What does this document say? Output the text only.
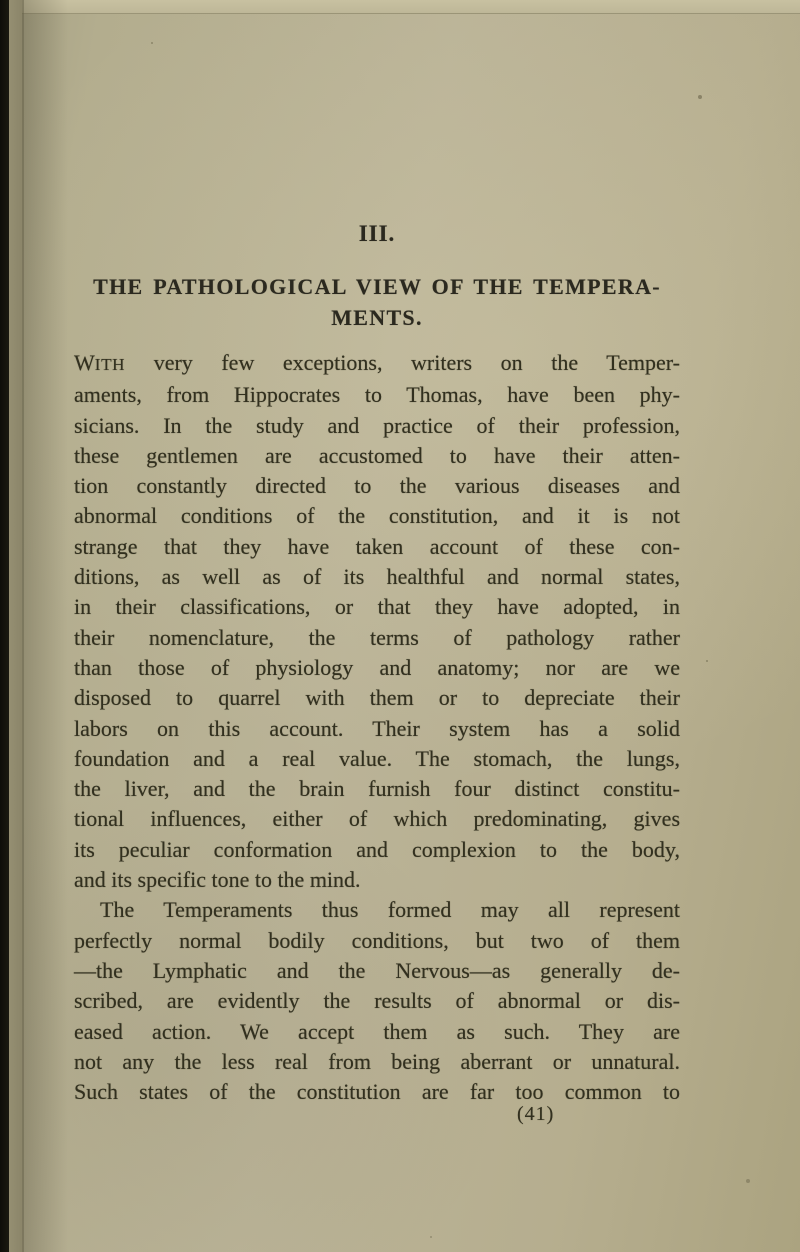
III.
THE PATHOLOGICAL VIEW OF THE TEMPERA-
MENTS.
WITH very few exceptions, writers on the Temper-
aments, from Hippocrates to Thomas, have been phy-
sicians. In the study and practice of their profession,
these gentlemen are accustomed to have their atten-
tion constantly directed to the various diseases and
abnormal conditions of the constitution, and it is not
strange that they have taken account of these con-
ditions, as well as of its healthful and normal states,
in their classifications, or that they have adopted, in
their nomenclature, the terms of pathology rather
than those of physiology and anatomy; nor are we
disposed to quarrel with them or to depreciate their
labors on this account. Their system has a solid
foundation and a real value. The stomach, the lungs,
the liver, and the brain furnish four distinct constitu-
tional influences, either of which predominating, gives
its peculiar conformation and complexion to the body,
and its specific tone to the mind.
The Temperaments thus formed may all represent
perfectly normal bodily conditions, but two of them
—the Lymphatic and the Nervous—as generally de-
scribed, are evidently the results of abnormal or dis-
eased action. We accept them as such. They are
not any the less real from being aberrant or unnatural.
Such states of the constitution are far too common to
(41)
